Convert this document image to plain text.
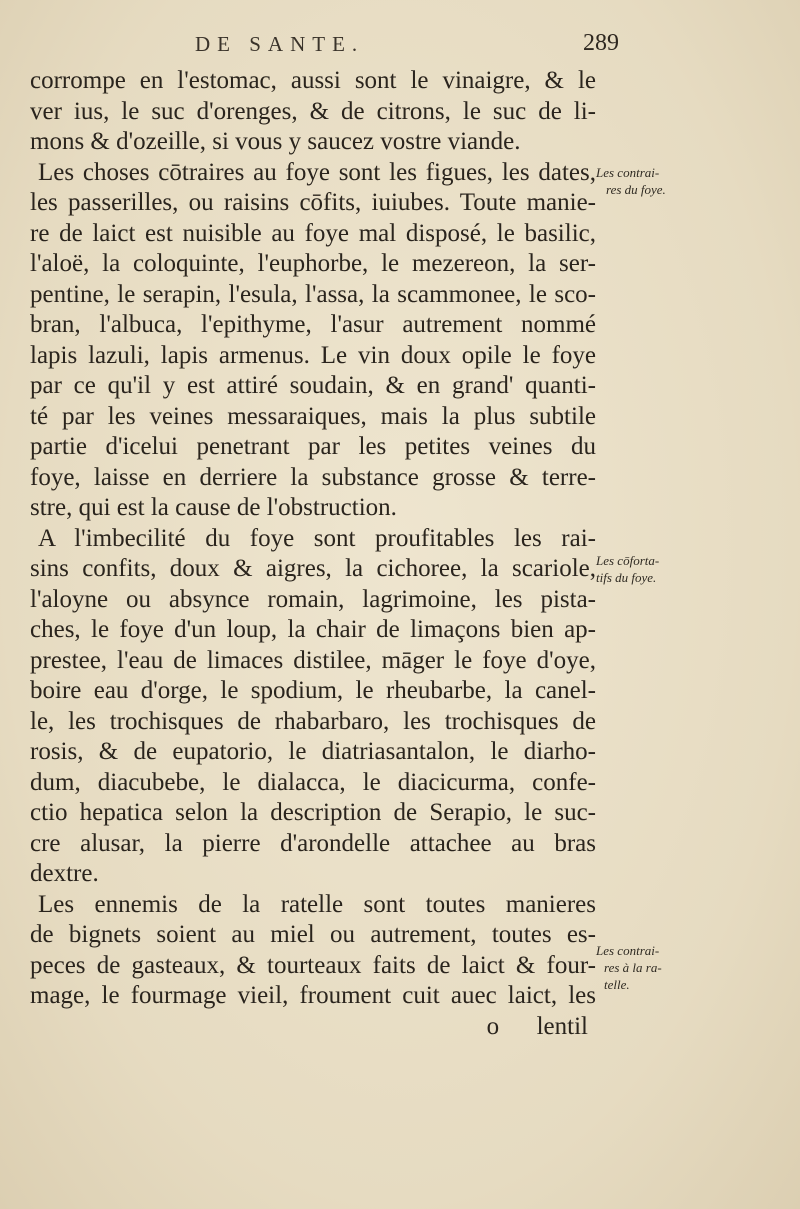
DE SANTE.	289
corrompe en l'estomac, aussi sont le vinaigre, & le
ver ius, le suc d'orenges, & de citrons, le suc de li-
mons & d'ozeille, si vous y saucez vostre viande.
Les choses cōtraires au foye sont les figues, les dates,
les passerilles, ou raisins cōfits, iuiubes. Toute manie-
re de laict est nuisible au foye mal disposé, le basilic,
l'aloë, la coloquinte, l'euphorbe, le mezereon, la ser-
pentine, le serapin, l'esula, l'assa, la scammonee, le sco-
bran, l'albuca, l'epithyme, l'asur autrement nommé
lapis lazuli, lapis armenus. Le vin doux opile le foye
par ce qu'il y est attiré soudain, & en grand' quanti-
té par les veines messaraiques, mais la plus subtile
partie d'icelui penetrant par les petites veines du
foye, laisse en derriere la substance grosse & terre-
stre, qui est la cause de l'obstruction.
A l'imbecilité du foye sont proufitables les rai-
sins confits, doux & aigres, la cichoree, la scariole,
l'aloyne ou absynce romain, lagrimoine, les pista-
ches, le foye d'un loup, la chair de limaçons bien ap-
prestee, l'eau de limaces distilee, māger le foye d'oye,
boire eau d'orge, le spodium, le rheubarbe, la canel-
le, les trochisques de rhabarbaro, les trochisques de
rosis, & de eupatorio, le diatriasantalon, le diarho-
dum, diacubebe, le dialacca, le diacicurma, confe-
ctio hepatica selon la description de Serapio, le suc-
cre alusar, la pierre d'arondelle attachee au bras
dextre.
Les ennemis de la ratelle sont toutes manieres
de bignets soient au miel ou autrement, toutes es-
peces de gasteaux, & tourteaux faits de laict & four-
mage, le fourmage vieil, froument cuit auec laict, les
o      lentil
Les contrai-
res du foye.
Les cōforta-
tifs du foye.
Les contrai-
res à la ra-
telle.
